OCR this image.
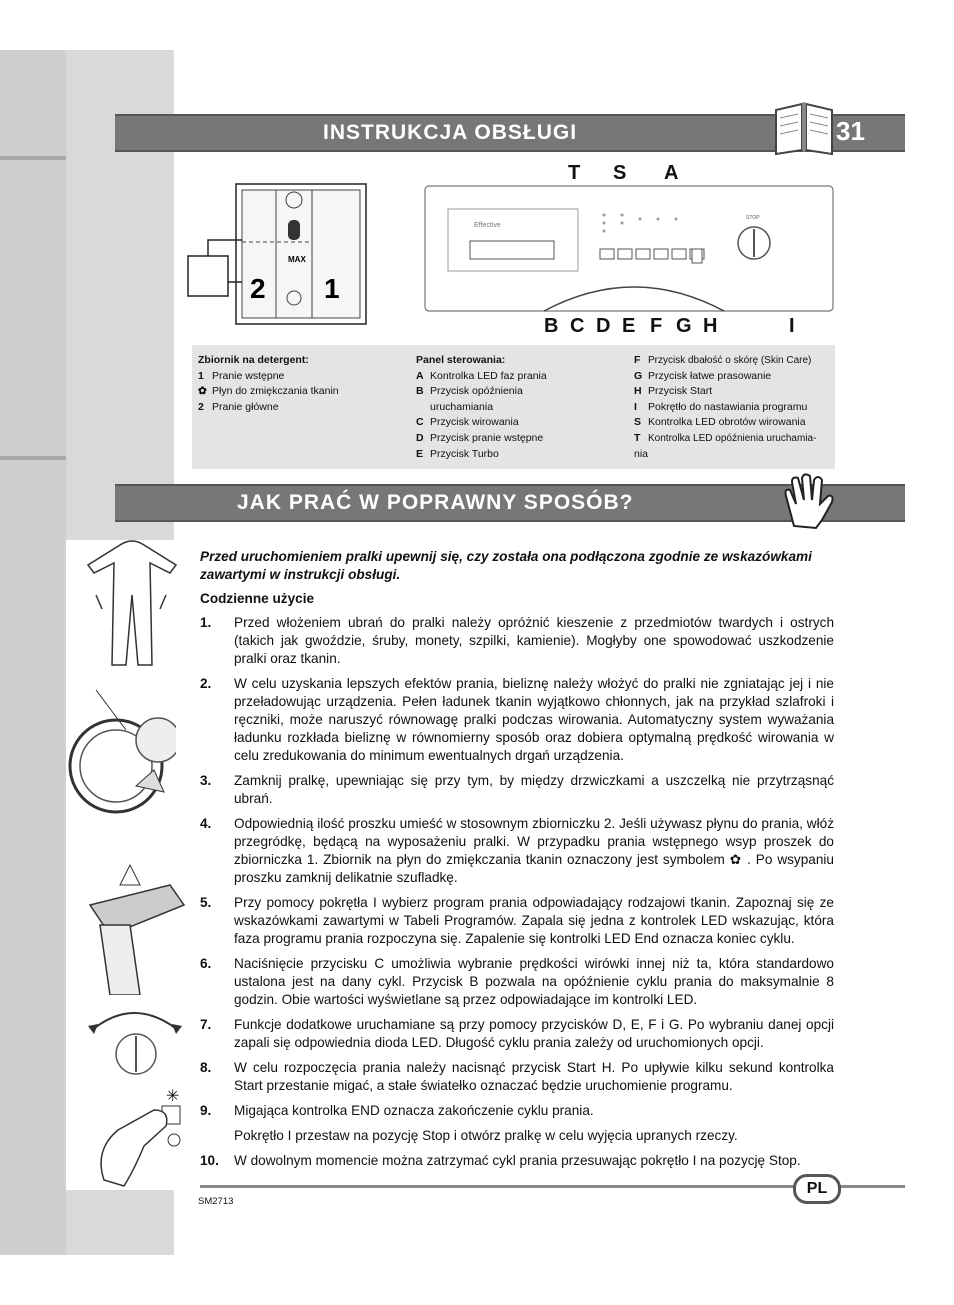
INSTRUKCJA OBSŁUGI	31
MAX
2 1
Effective
STOP
T S A
B C D E F G H	I
Zbiornik na detergent:
1 Pranie wstępne
✿ Płyn do zmiękczania tkanin
2 Pranie główne
Panel sterowania:
A Kontrolka LED faz prania
B Przycisk opóźnienia
uruchamiania
C Przycisk wirowania
D Przycisk pranie wstępne
E Przycisk Turbo
F Przycisk dbałość o skórę (Skin Care)
G Przycisk łatwe prasowanie
H Przycisk Start
I Pokrętło do nastawiania programu
S Kontrolka LED obrotów wirowania
T Kontrolka LED opóźnienia uruchamia-
nia
JAK PRAĆ W POPRAWNY SPOSÓB?
✳

Przed uruchomieniem pralki upewnij się, czy została ona podłączona zgodnie ze wskazówkami zawartymi w instrukcji obsługi.

Codzienne użycie

1. Przed włożeniem ubrań do pralki należy opróżnić kieszenie z przedmiotów twardych i ostrych (takich jak gwoździe, śruby, monety, szpilki, kamienie). Mogłyby one spowodować uszkodzenie pralki oraz tkanin.
2. W celu uzyskania lepszych efektów prania, bieliznę należy włożyć do pralki nie zgniatając jej i nie przeładowując urządzenia. Pełen ładunek tkanin wyjątkowo chłonnych, jak na przykład szlafroki i ręczniki, może naruszyć równowagę pralki podczas wirowania. Automatyczny system wyważania ładunku rozkłada bieliznę w równomierny sposób oraz dobiera optymalną prędkość wirowania w celu zredukowania do minimum ewentualnych drgań urządzenia.
3. Zamknij pralkę, upewniając się przy tym, by między drzwiczkami a uszczelką nie przytrząsnąć ubrań.
4. Odpowiednią ilość proszku umieść w stosownym zbiorniczku 2. Jeśli używasz płynu do prania, włóż przegródkę, będącą na wyposażeniu pralki. W przypadku prania wstępnego wsyp proszek do zbiorniczka 1. Zbiornik na płyn do zmiękczania tkanin oznaczony jest symbolem ✿ . Po wsypaniu proszku zamknij delikatnie szufladkę.
5. Przy pomocy pokrętła I wybierz program prania odpowiadający rodzajowi tkanin. Zapoznaj się ze wskazówkami zawartymi w Tabeli Programów. Zapala się jedna z kontrolek LED wskazując, która faza programu prania rozpoczyna się. Zapalenie się kontrolki LED End oznacza koniec cyklu.
6. Naciśnięcie przycisku C umożliwia wybranie prędkości wirówki innej niż ta, która standardowo ustalona jest na dany cykl. Przycisk B pozwala na opóźnienie cyklu prania do maksymalnie 8 godzin. Obie wartości wyświetlane są przez odpowiadające im kontrolki LED.
7. Funkcje dodatkowe uruchamiane są przy pomocy przycisków D, E, F i G. Po wybraniu danej opcji zapali się odpowiednia dioda LED. Długość cyklu prania zależy od uruchomionych opcji.
8. W celu rozpoczęcia prania należy nacisnąć przycisk Start H. Po upływie kilku sekund kontrolka Start przestanie migać, a stałe światełko oznaczać będzie uruchomienie programu.
9. Migająca kontrolka END oznacza zakończenie cyklu prania.
Pokrętło I przestaw na pozycję Stop i otwórz pralkę w celu wyjęcia upranych rzeczy.
10. W dowolnym momencie można zatrzymać cykl prania przesuwając pokrętło I na pozycję Stop.
PL
SM2713
